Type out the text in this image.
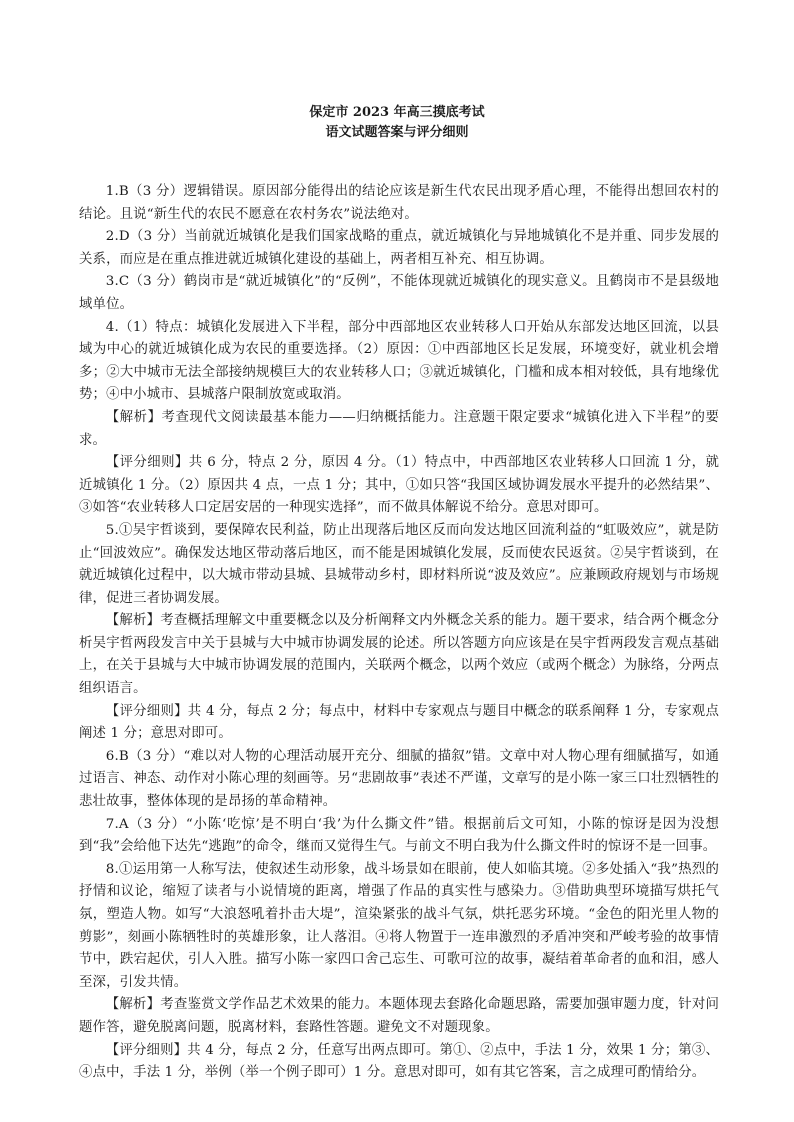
保定市 2023 年高三摸底考试

语文试题答案与评分细则

1.B（3 分）逻辑错误。原因部分能得出的结论应该是新生代农民出现矛盾心理，不能得出想回农村的结论。且说“新生代的农民不愿意在农村务农”说法绝对。

2.D（3 分）当前就近城镇化是我们国家战略的重点，就近城镇化与异地城镇化不是并重、同步发展的关系，而应是在重点推进就近城镇化建设的基础上，两者相互补充、相互协调。

3.C（3 分）鹤岗市是“就近城镇化”的“反例”，不能体现就近城镇化的现实意义。且鹤岗市不是县级地域单位。

4.（1）特点：城镇化发展进入下半程，部分中西部地区农业转移人口开始从东部发达地区回流，以县域为中心的就近城镇化成为农民的重要选择。（2）原因：①中西部地区长足发展，环境变好，就业机会增多；②大中城市无法全部接纳规模巨大的农业转移人口；③就近城镇化，门槛和成本相对较低，具有地缘优势；④中小城市、县城落户限制放宽或取消。

【解析】考查现代文阅读最基本能力——归纳概括能力。注意题干限定要求“城镇化进入下半程”的要求。

【评分细则】共 6 分，特点 2 分，原因 4 分。（1）特点中，中西部地区农业转移人口回流 1 分，就近城镇化 1 分。（2）原因共 4 点，一点 1 分；其中，①如只答“我国区域协调发展水平提升的必然结果”、③如答“农业转移人口定居安居的一种现实选择”，而不做具体解说不给分。意思对即可。

5.①吴宇哲谈到，要保障农民利益，防止出现落后地区反而向发达地区回流利益的“虹吸效应”，就是防止“回波效应”。确保发达地区带动落后地区，而不能是困城镇化发展，反而使农民返贫。②吴宇哲谈到，在就近城镇化过程中，以大城市带动县城、县城带动乡村，即材料所说“波及效应”。应兼顾政府规划与市场规律，促进三者协调发展。

【解析】考查概括理解文中重要概念以及分析阐释文内外概念关系的能力。题干要求，结合两个概念分析吴宇哲两段发言中关于县城与大中城市协调发展的论述。所以答题方向应该是在吴宇哲两段发言观点基础上，在关于县城与大中城市协调发展的范围内，关联两个概念，以两个效应（或两个概念）为脉络，分两点组织语言。

【评分细则】共 4 分，每点 2 分；每点中，材料中专家观点与题目中概念的联系阐释 1 分，专家观点阐述 1 分；意思对即可。

6.B（3 分）“难以对人物的心理活动展开充分、细腻的描叙”错。文章中对人物心理有细腻描写，如通过语言、神态、动作对小陈心理的刻画等。另“悲剧故事”表述不严谨，文章写的是小陈一家三口壮烈牺牲的悲壮故事，整体体现的是昂扬的革命精神。

7.A（3 分）“小陈‘吃惊’是不明白‘我’为什么撕文件”错。根据前后文可知，小陈的惊讶是因为没想到“我”会给他下达先“逃跑”的命令，继而又觉得生气。与前文不明白我为什么撕文件时的惊讶不是一回事。

8.①运用第一人称写法，使叙述生动形象，战斗场景如在眼前，使人如临其境。②多处插入“我”热烈的抒情和议论，缩短了读者与小说情境的距离，增强了作品的真实性与感染力。③借助典型环境描写烘托气氛，塑造人物。如写“大浪怒吼着扑击大堤”，渲染紧张的战斗气氛，烘托恶劣环境。“金色的阳光里人物的剪影”，刻画小陈牺牲时的英雄形象，让人落泪。④将人物置于一连串激烈的矛盾冲突和严峻考验的故事情节中，跌宕起伏，引人入胜。描写小陈一家四口舍己忘生、可歌可泣的故事，凝结着革命者的血和泪，感人至深，引发共情。

【解析】考查鉴赏文学作品艺术效果的能力。本题体现去套路化命题思路，需要加强审题力度，针对问题作答，避免脱离问题，脱离材料，套路性答题。避免文不对题现象。

【评分细则】共 4 分，每点 2 分，任意写出两点即可。第①、②点中，手法 1 分，效果 1 分；第③、④点中，手法 1 分，举例（举一个例子即可）1 分。意思对即可，如有其它答案，言之成理可酌情给分。
